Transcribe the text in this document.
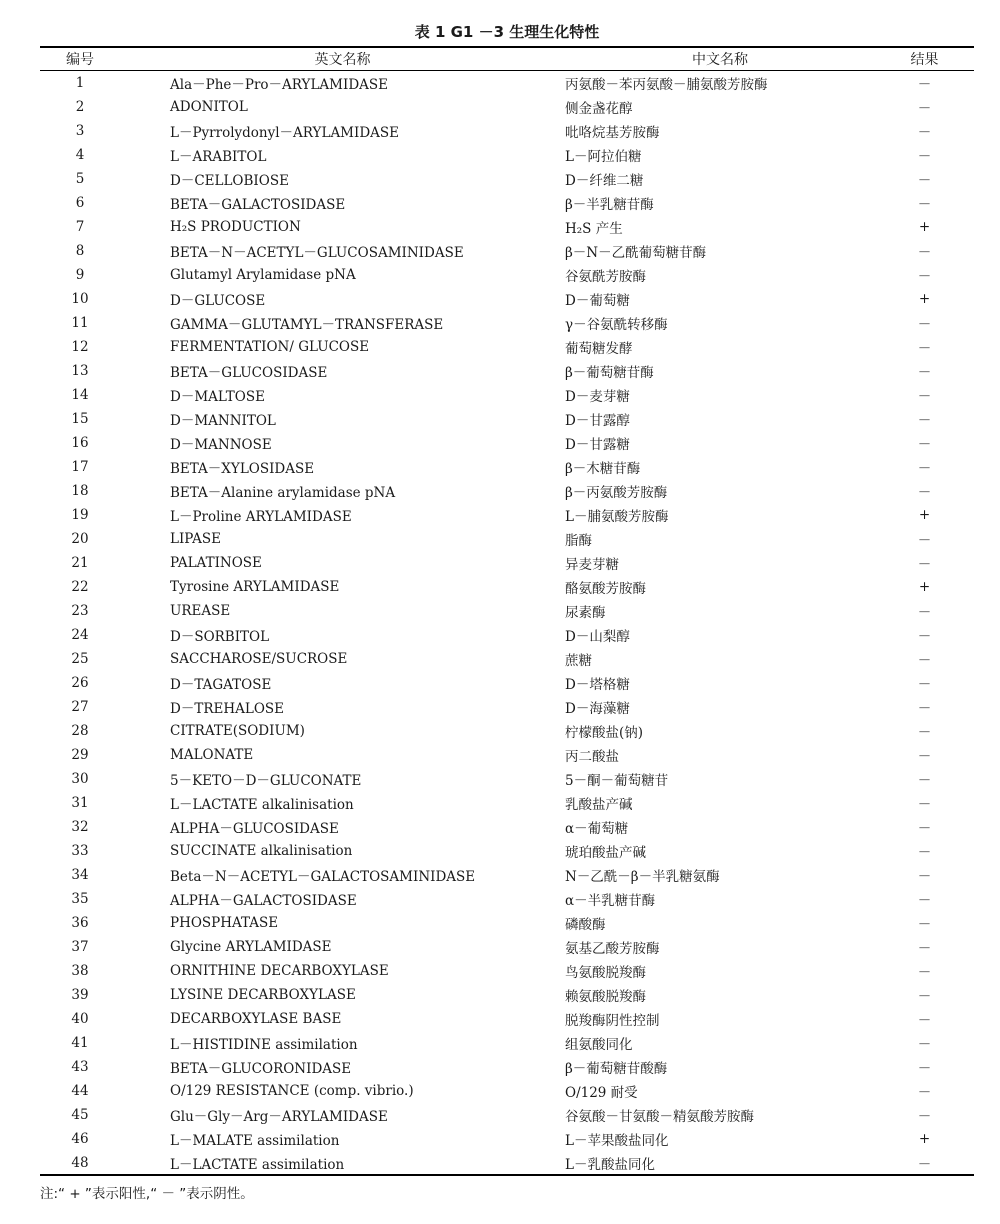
表 1 G1 －3 生理生化特性
编号	英文名称	中文名称	结果
1	Ala－Phe－Pro－ARYLAMIDASE	丙氨酸－苯丙氨酸－脯氨酸芳胺酶	－
2	ADONITOL	侧金盏花醇	－
3	L－Pyrrolydonyl－ARYLAMIDASE	吡咯烷基芳胺酶	－
4	L－ARABITOL	L－阿拉伯糖	－
5	D－CELLOBIOSE	D－纤维二糖	－
6	BETA－GALACTOSIDASE	β－半乳糖苷酶	－
7	H₂S PRODUCTION	H₂S 产生	+
8	BETA－N－ACETYL－GLUCOSAMINIDASE	β－N－乙酰葡萄糖苷酶	－
9	Glutamyl Arylamidase pNA	谷氨酰芳胺酶	－
10	D－GLUCOSE	D－葡萄糖	+
11	GAMMA－GLUTAMYL－TRANSFERASE	γ－谷氨酰转移酶	－
12	FERMENTATION/ GLUCOSE	葡萄糖发酵	－
13	BETA－GLUCOSIDASE	β－葡萄糖苷酶	－
14	D－MALTOSE	D－麦芽糖	－
15	D－MANNITOL	D－甘露醇	－
16	D－MANNOSE	D－甘露糖	－
17	BETA－XYLOSIDASE	β－木糖苷酶	－
18	BETA－Alanine arylamidase pNA	β－丙氨酸芳胺酶	－
19	L－Proline ARYLAMIDASE	L－脯氨酸芳胺酶	+
20	LIPASE	脂酶	－
21	PALATINOSE	异麦芽糖	－
22	Tyrosine ARYLAMIDASE	酪氨酸芳胺酶	+
23	UREASE	尿素酶	－
24	D－SORBITOL	D－山梨醇	－
25	SACCHAROSE/SUCROSE	蔗糖	－
26	D－TAGATOSE	D－塔格糖	－
27	D－TREHALOSE	D－海藻糖	－
28	CITRATE(SODIUM)	柠檬酸盐(钠)	－
29	MALONATE	丙二酸盐	－
30	5－KETO－D－GLUCONATE	5－酮－葡萄糖苷	－
31	L－LACTATE alkalinisation	乳酸盐产碱	－
32	ALPHA－GLUCOSIDASE	α－葡萄糖	－
33	SUCCINATE alkalinisation	琥珀酸盐产碱	－
34	Beta－N－ACETYL－GALACTOSAMINIDASE	N－乙酰－β－半乳糖氨酶	－
35	ALPHA－GALACTOSIDASE	α－半乳糖苷酶	－
36	PHOSPHATASE	磷酸酶	－
37	Glycine ARYLAMIDASE	氨基乙酸芳胺酶	－
38	ORNITHINE DECARBOXYLASE	鸟氨酸脱羧酶	－
39	LYSINE DECARBOXYLASE	赖氨酸脱羧酶	－
40	DECARBOXYLASE BASE	脱羧酶阴性控制	－
41	L－HISTIDINE assimilation	组氨酸同化	－
43	BETA－GLUCORONIDASE	β－葡萄糖苷酸酶	－
44	O/129 RESISTANCE (comp. vibrio.)	O/129 耐受	－
45	Glu－Gly－Arg－ARYLAMIDASE	谷氨酸－甘氨酸－精氨酸芳胺酶	－
46	L－MALATE assimilation	L－苹果酸盐同化	+
48	L－LACTATE assimilation	L－乳酸盐同化	－
注:“ + ”表示阳性,“ － ”表示阴性。
